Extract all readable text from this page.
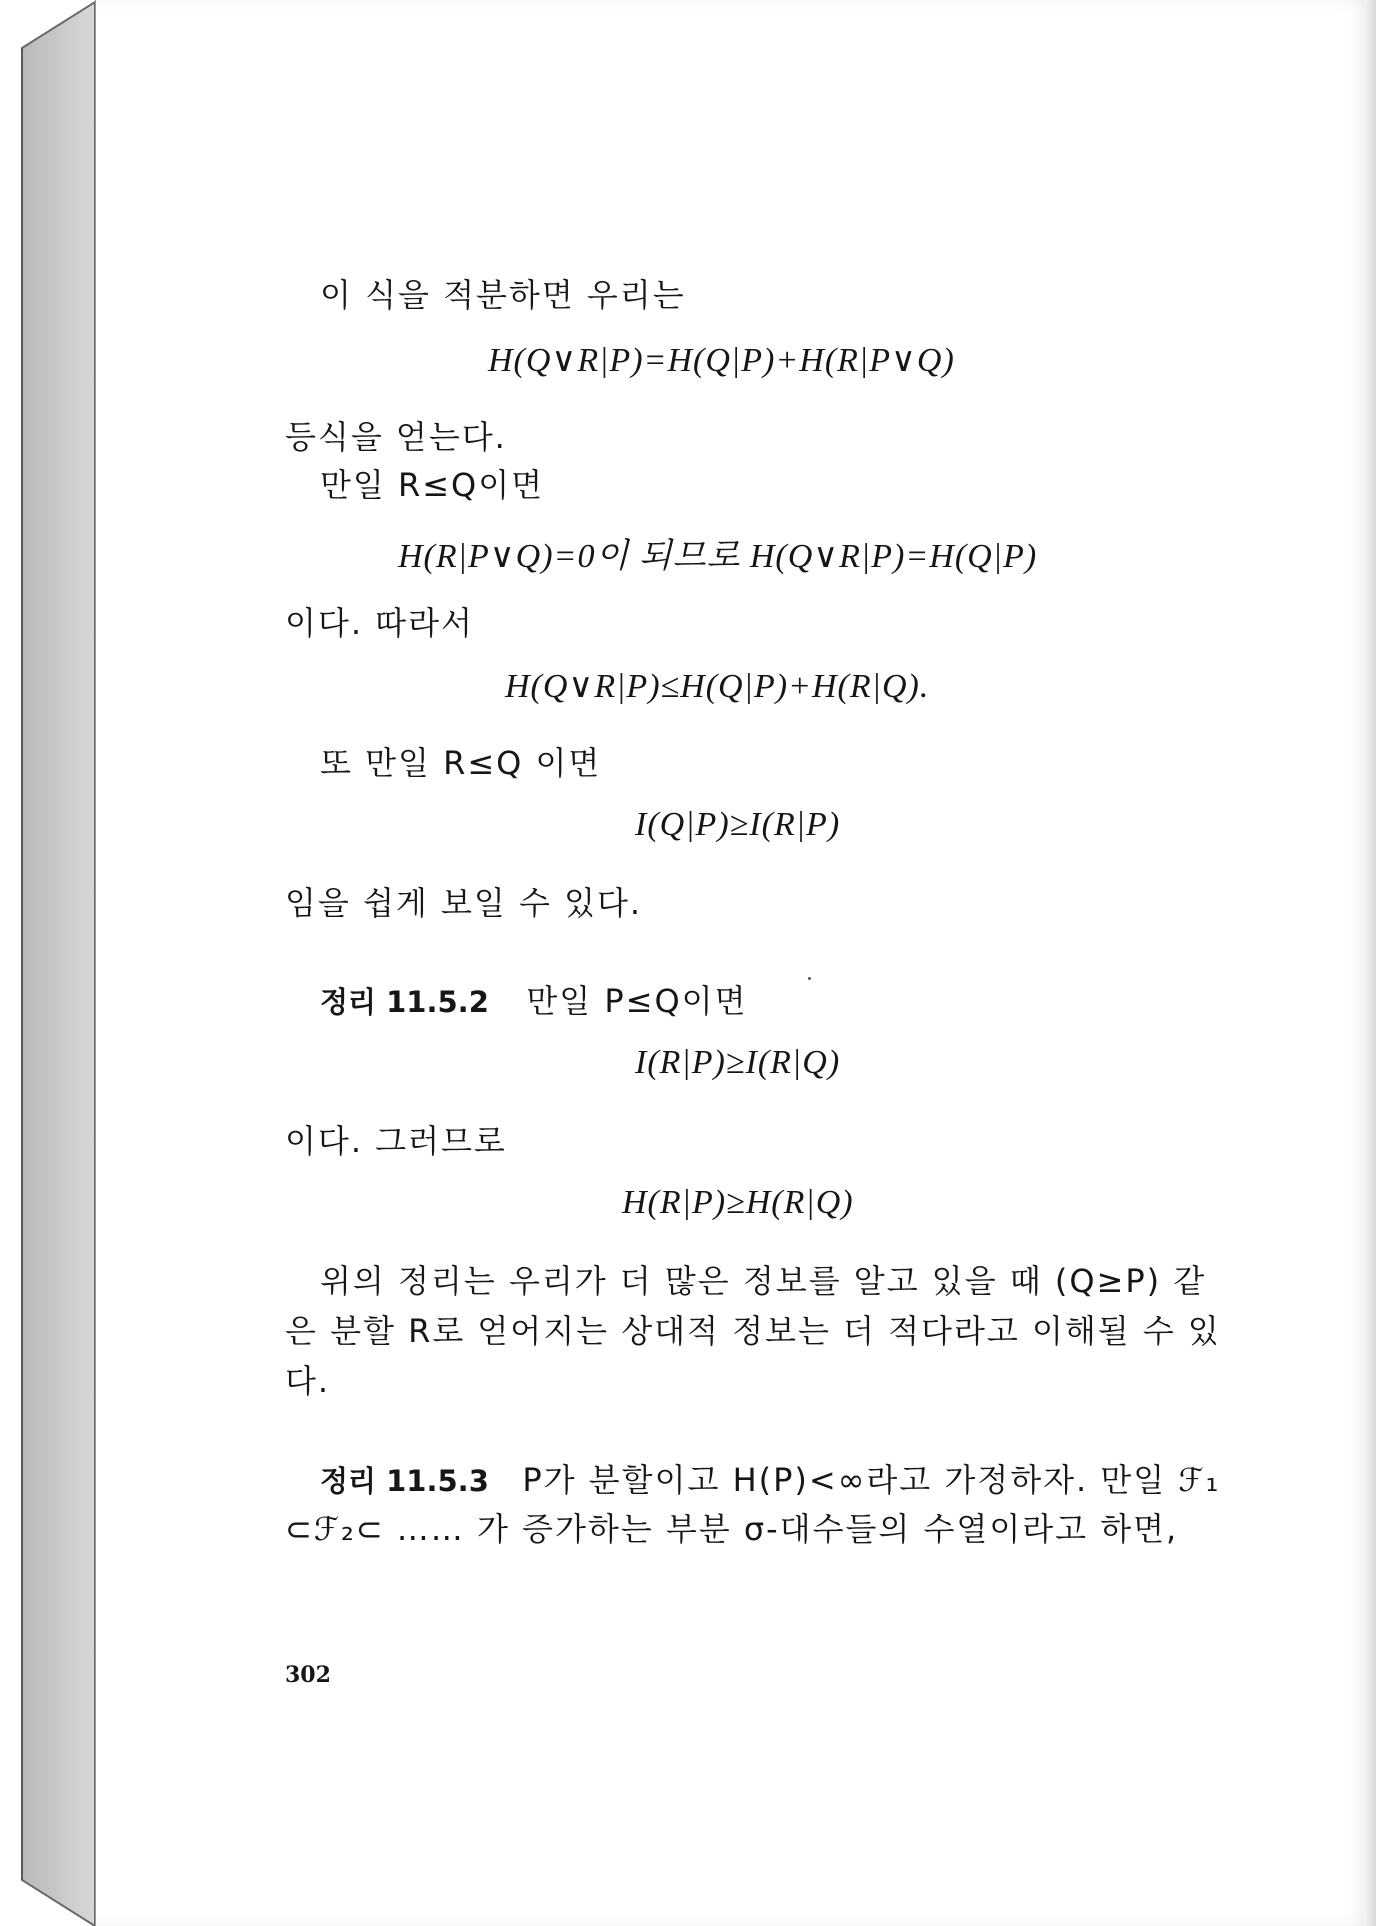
이 식을 적분하면 우리는
H(Q∨R|P)=H(Q|P)+H(R|P∨Q)
등식을 얻는다.
만일 R≤Q이면
H(R|P∨Q)=0이 되므로 H(Q∨R|P)=H(Q|P)
이다. 따라서
H(Q∨R|P)≤H(Q|P)+H(R|Q).
또 만일 R≤Q 이면
I(Q|P)≥I(R|P)
임을 쉽게 보일 수 있다.
정리 11.5.2 만일 P≤Q이면
I(R|P)≥I(R|Q)
이다. 그러므로
H(R|P)≥H(R|Q)
위의 정리는 우리가 더 많은 정보를 알고 있을 때 (Q≥P) 같
은 분할 R로 얻어지는 상대적 정보는 더 적다라고 이해될 수 있
다.
정리 11.5.3 P가 분할이고 H(P)<∞라고 가정하자. 만일 ℱ₁
⊂ℱ₂⊂ …… 가 증가하는 부분 σ-대수들의 수열이라고 하면,
302
